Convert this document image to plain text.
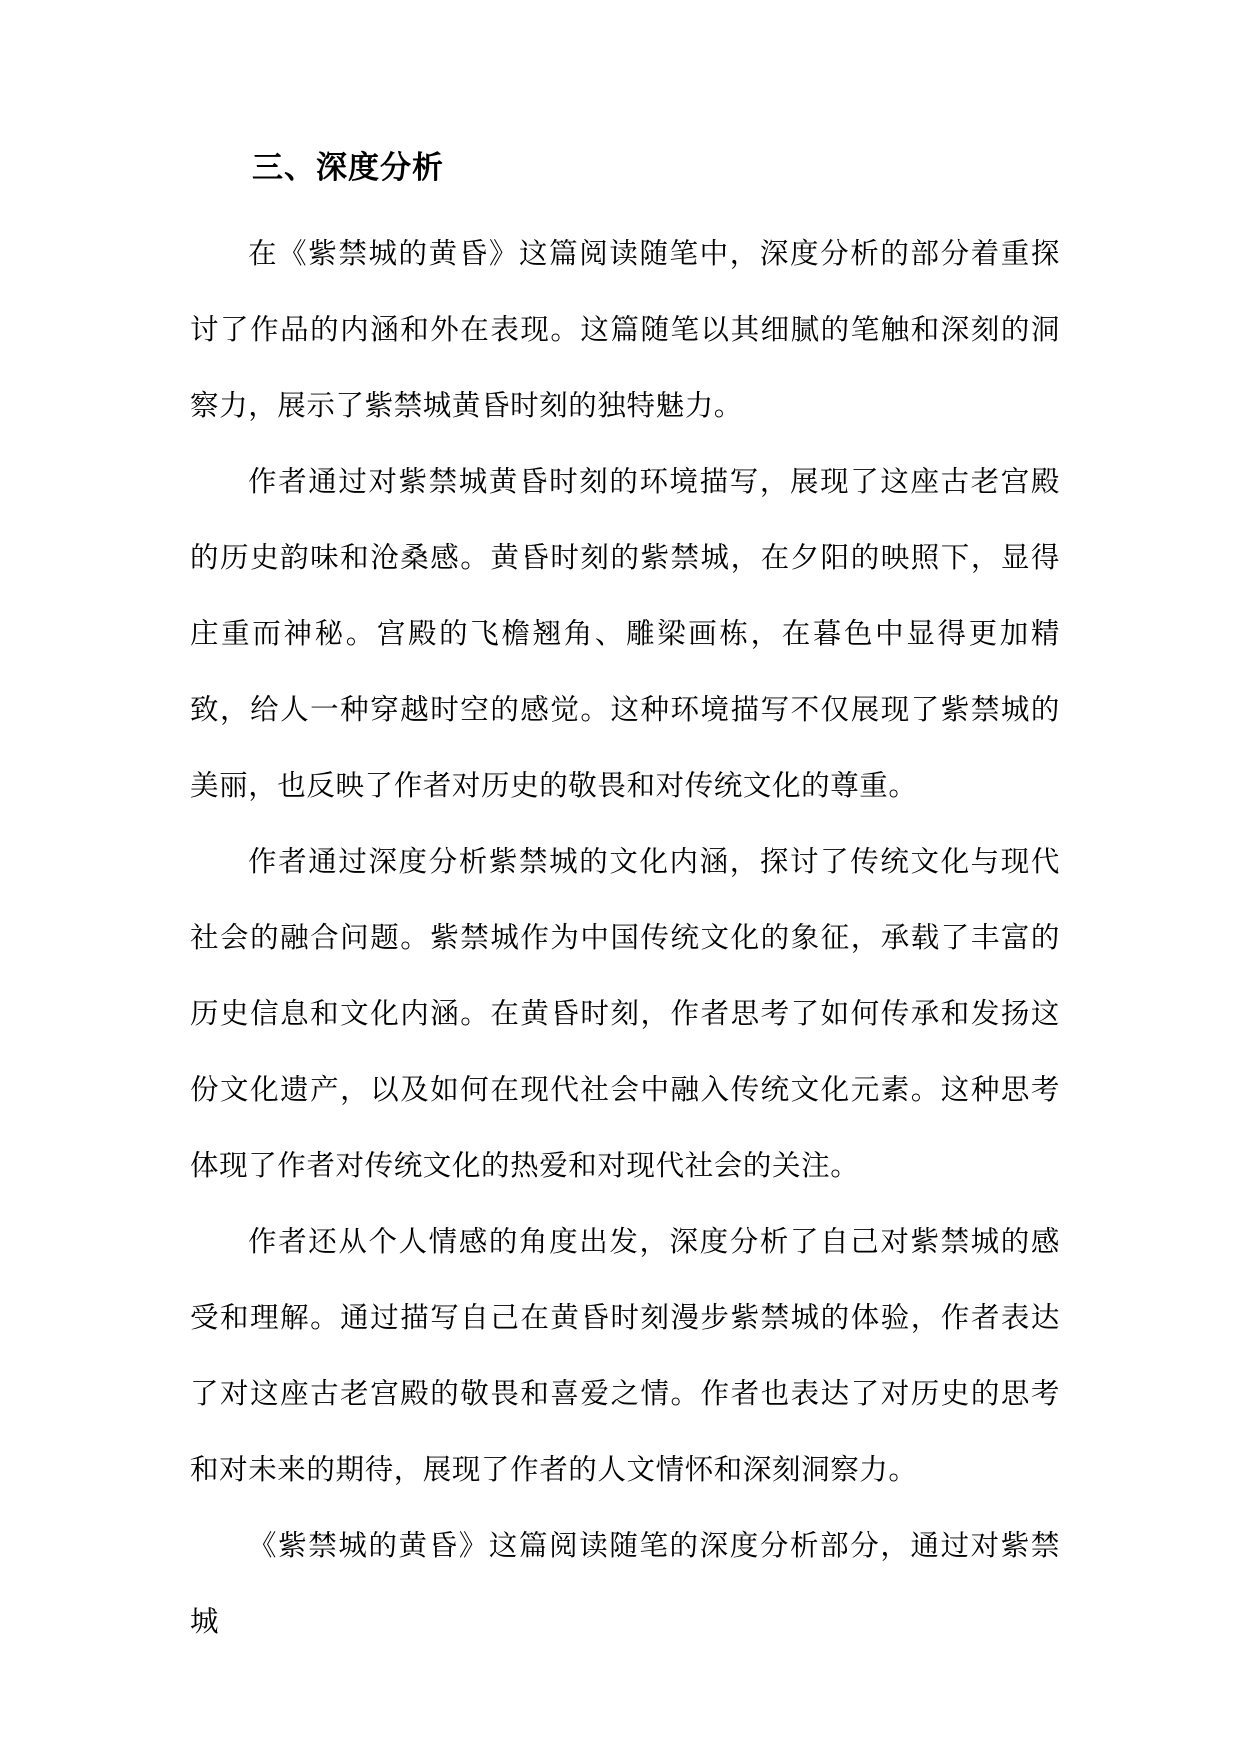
三、深度分析

在《紫禁城的黄昏》这篇阅读随笔中，深度分析的部分着重探讨了作品的内涵和外在表现。这篇随笔以其细腻的笔触和深刻的洞察力，展示了紫禁城黄昏时刻的独特魅力。

作者通过对紫禁城黄昏时刻的环境描写，展现了这座古老宫殿的历史韵味和沧桑感。黄昏时刻的紫禁城，在夕阳的映照下，显得庄重而神秘。宫殿的飞檐翘角、雕梁画栋，在暮色中显得更加精致，给人一种穿越时空的感觉。这种环境描写不仅展现了紫禁城的美丽，也反映了作者对历史的敬畏和对传统文化的尊重。

作者通过深度分析紫禁城的文化内涵，探讨了传统文化与现代社会的融合问题。紫禁城作为中国传统文化的象征，承载了丰富的历史信息和文化内涵。在黄昏时刻，作者思考了如何传承和发扬这份文化遗产，以及如何在现代社会中融入传统文化元素。这种思考体现了作者对传统文化的热爱和对现代社会的关注。

作者还从个人情感的角度出发，深度分析了自己对紫禁城的感受和理解。通过描写自己在黄昏时刻漫步紫禁城的体验，作者表达了对这座古老宫殿的敬畏和喜爱之情。作者也表达了对历史的思考和对未来的期待，展现了作者的人文情怀和深刻洞察力。

《紫禁城的黄昏》这篇阅读随笔的深度分析部分，通过对紫禁城
